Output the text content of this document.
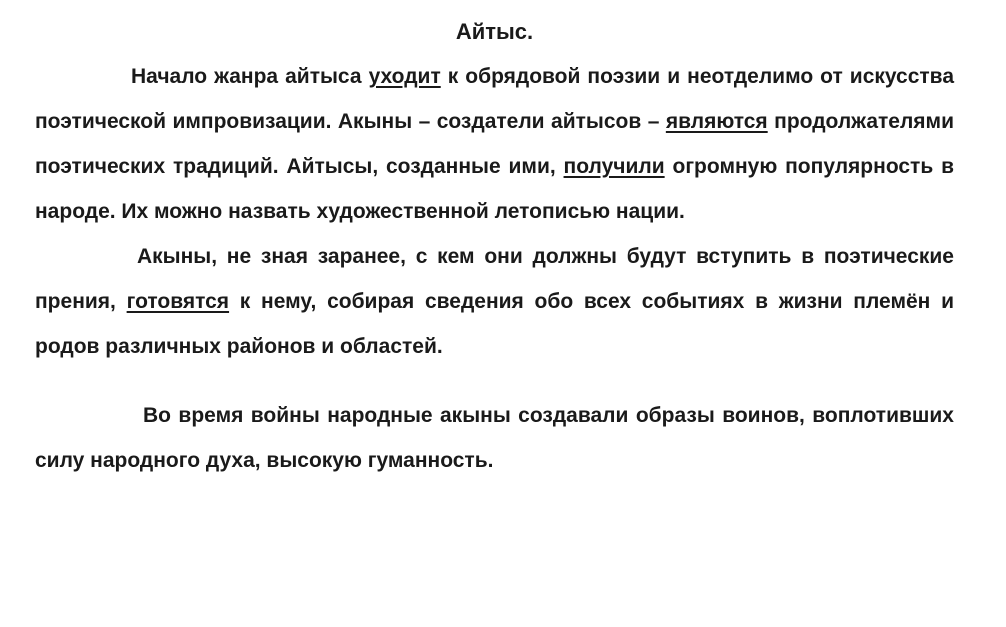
Айтыс.

Начало жанра айтыса уходит к обрядовой поэзии и неотделимо от искусства поэтической импровизации. Акыны – создатели айтысов – являются продолжателями поэтических традиций. Айтысы, созданные ими, получили огромную популярность в народе. Их можно назвать художественной летописью нации.

Акыны, не зная заранее, с кем они должны будут вступить в поэтические прения, готовятся к нему, собирая сведения обо всех событиях в жизни племён и родов различных районов и областей.

Во время войны народные акыны создавали образы воинов, воплотивших силу народного духа, высокую гуманность.
